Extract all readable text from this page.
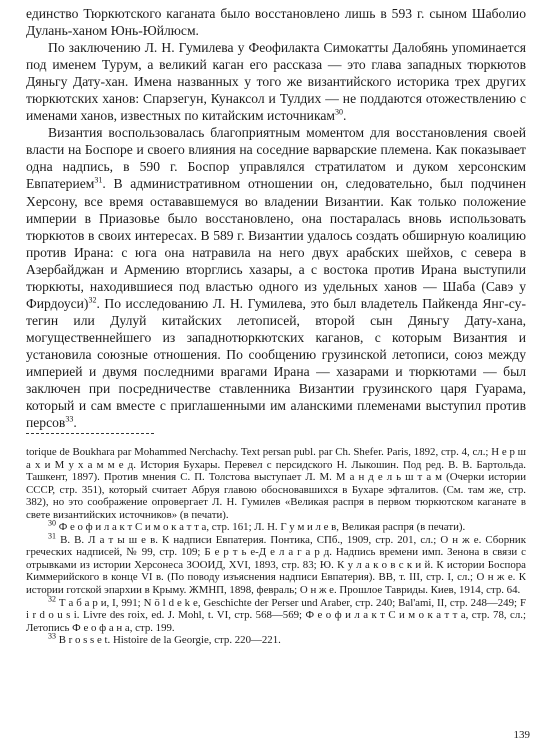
единство Тюркютского каганата было восстановлено лишь в 593 г. сыном Шаболио Дулань-ханом Юнь-Юйлюсм.

По заключению Л. Н. Гумилева у Феофилакта Симокатты Далобянь упоминается под именем Турум, а великий каган его рассказа — это глава западных тюркютов Дяньгу Дату-хан. Имена названных у того же византийского историка трех других тюркютских ханов: Спарзегун, Кунаксол и Тулдих — не поддаются отожествлению с именами ханов, известных по китайским источникам$^{30}$.

Византия воспользовалась благоприятным моментом для восстановления своей власти на Боспоре и своего влияния на соседние варварские племена. Как показывает одна надпись, в 590 г. Боспор управлялся стратилатом и дуком херсонским Евпатерием$^{31}$. В административном отношении он, следовательно, был подчинен Херсону, все время остававшемуся во владении Византии. Как только положение империи в Приазовье было восстановлено, она постаралась вновь использовать тюркютов в своих интересах. В 589 г. Византии удалось создать обширную коалицию против Ирана: с юга она натравила на него двух арабских шейхов, с севера в Азербайджан и Армению вторглись хазары, а с востока против Ирана выступили тюркюты, находившиеся под властью одного из удельных ханов — Шаба (Савэ у Фирдоуси)$^{32}$. По исследованию Л. Н. Гумилева, это был владетель Пайкенда Янг-су-тегин или Дулуй китайских летописей, второй сын Дяньгу Дату-хана, могущественнейшего из западнотюркютских каганов, с которым Византия и установила союзные отношения. По сообщению грузинской летописи, союз между империей и двумя последними врагами Ирана — хазарами и тюркютами — был заключен при посредничестве ставленника Византии грузинского царя Гуарама, который и сам вместе с приглашенными им аланскими племенами выступил против персов$^{33}$.

torique de Boukhara par Mohammed Nerchachy. Text persan publ. par Ch. Shefer. Paris, 1892, стр. 4, сл.; Н е р ш а х и М у х а м м е д. История Бухары. Перевел с персидского Н. Лыкошин. Под ред. В. В. Бартольда. Ташкент, 1897). Против мнения С. П. Толстова выступает Л. М. М а н д е л ь ш т а м (Очерки истории СССР, стр. 351), который считает Абруя главою обосновавшихся в Бухаре эфталитов. (См. там же, стр. 382), но это соображение опровергает Л. Н. Гумилев «Великая распря в первом тюркютском каганате в свете византийских источников» (в печати).

$^{30}$ Ф е о ф и л а к т С и м о к а т т а, стр. 161; Л. Н. Г у м и л е в, Великая распря (в печати).

$^{31}$ В. В. Л а т ы ш е в. К надписи Евпатерия. Понтика, СПб., 1909, стр. 201, сл.; О н ж е. Сборник греческих надписей, № 99, стр. 109; Б е р т ь е-Д е л а г а р д. Надпись времени имп. Зенона в связи с отрывками из истории Херсонеса ЗООИД, XVI, 1893, стр. 83; Ю. К у л а к о в с к и й. К истории Боспора Киммерийского в конце VI в. (По поводу изъяснения надписи Евпатерия). ВВ, т. III, стр. I, сл.; О н ж е. К истории готской эпархии в Крыму. ЖМНП, 1898, февраль; О н ж е. Прошлое Тавриды. Киев, 1914, стр. 64.

$^{32}$ Т а б а р и, I, 991; N ö l d e k e, Geschichte der Perser und Araber, стр. 240; Bal'ami, II, стр. 248—249; F i r d o u s i. Livre des roix, ed. J. Mohl, t. VI, стр. 568—569; Ф е о ф и л а к т С и м о к а т т а, стр. 78, сл.; Летопись Ф е о ф а н а, стр. 199.

$^{33}$ B r o s s e t. Histoire de la Georgie, стр. 220—221.

139
